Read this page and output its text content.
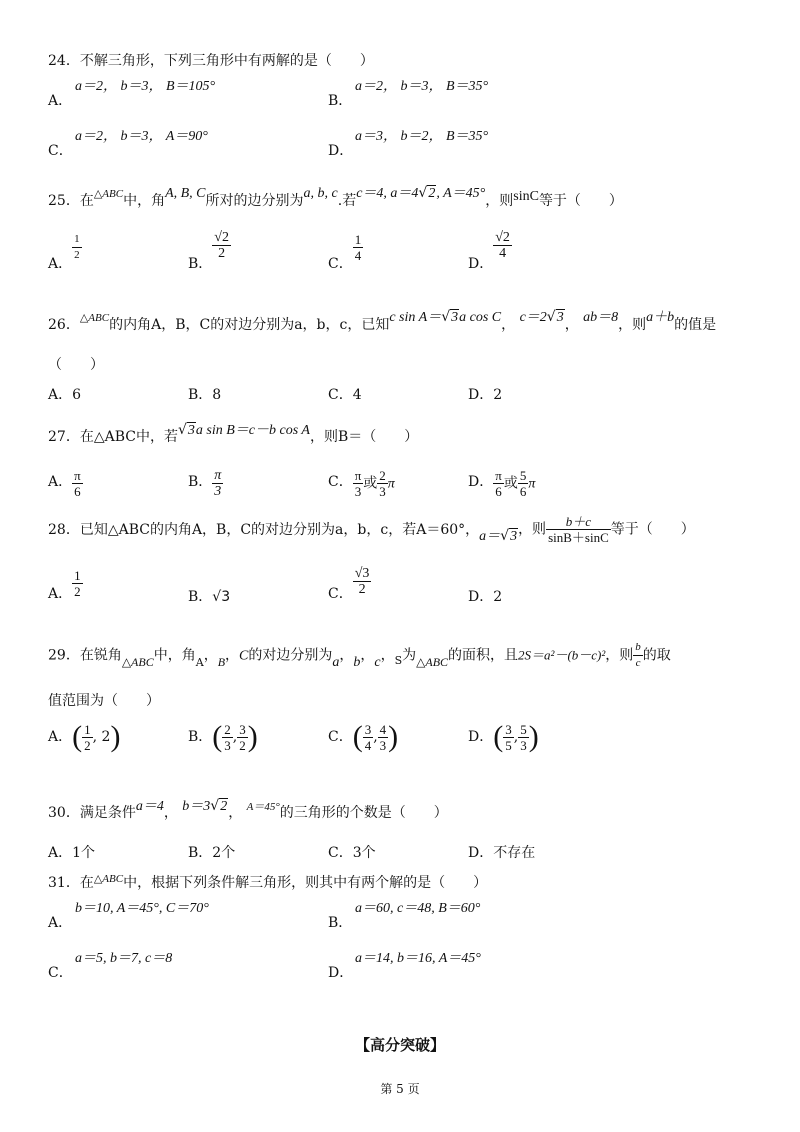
24．不解三角形，下列三角形中有两解的是（　　）
a＝2， b＝3， B＝105°
A．
a＝2， b＝3， B＝35°
B．
a＝2， b＝3， A＝90°
C．
a＝3， b＝2， B＝35°
D．
25．在$^{\triangle ABC}$中，角A, B, C所对的边分别为a, b, c.若c＝4, a＝4√2, A＝45°，则sinC等于（　　）
A．
$\frac{1}{2}$
B．
$\frac{√2}{2}$
C．
$\frac{1}{4}$
D．
$\frac{√2}{4}$
26．$^{\triangle ABC}$的内角A，B，C的对边分别为a，b，c，已知c sin A＝√3a cos C， c＝2√3， ab＝8，则a＋b的值是
（　　）
A．6	B．8	C．4	D．2
27．在△ABC中，若√3a sin B＝c－b cos A，则B＝（　　）
A． $\frac{\pi}{6}$	B． $\frac{\pi}{3}$	C． $\frac{\pi}{3}$ 或 $\frac{2}{3}$ π	D． $\frac{\pi}{6}$ 或 $\frac{5}{6}$ π
28．已知△ABC的内角A，B，C的对边分别为a，b，c，若A＝60°，a＝√3，则 $\frac{b+c}{\sin B+\sin C}$ 等于（　　）
A． $\frac{1}{2}$	B．√3	C． $\frac{√3}{2}$	D．2
29．在锐角△ABC中，角$_A$，B，C的对边分别为a，b，c，$_S$为△ABC的面积，且2S＝a²－(b－c)²，则 $\frac{b}{c}$ 的取
值范围为（　　）
A．( $\frac{1}{2}$ , 2)	B．( $\frac{2}{3}$ , $\frac{3}{2}$ )	C．( $\frac{3}{4}$ , $\frac{4}{3}$ )	D．( $\frac{3}{5}$ , $\frac{5}{3}$ )
30．满足条件a＝4， b＝3√2， $^{A=45^\circ}$的三角形的个数是（　　）
A．1个	B．2个	C．3个	D．不存在
31．在$^{\triangle ABC}$中，根据下列条件解三角形，则其中有两个解的是（　　）
b＝10, A＝45°, C＝70°
A．
a＝60, c＝48, B＝60°
B．
a＝5, b＝7, c＝8
C．
a＝14, b＝16, A＝45°
D．
【高分突破】
第 5 页
